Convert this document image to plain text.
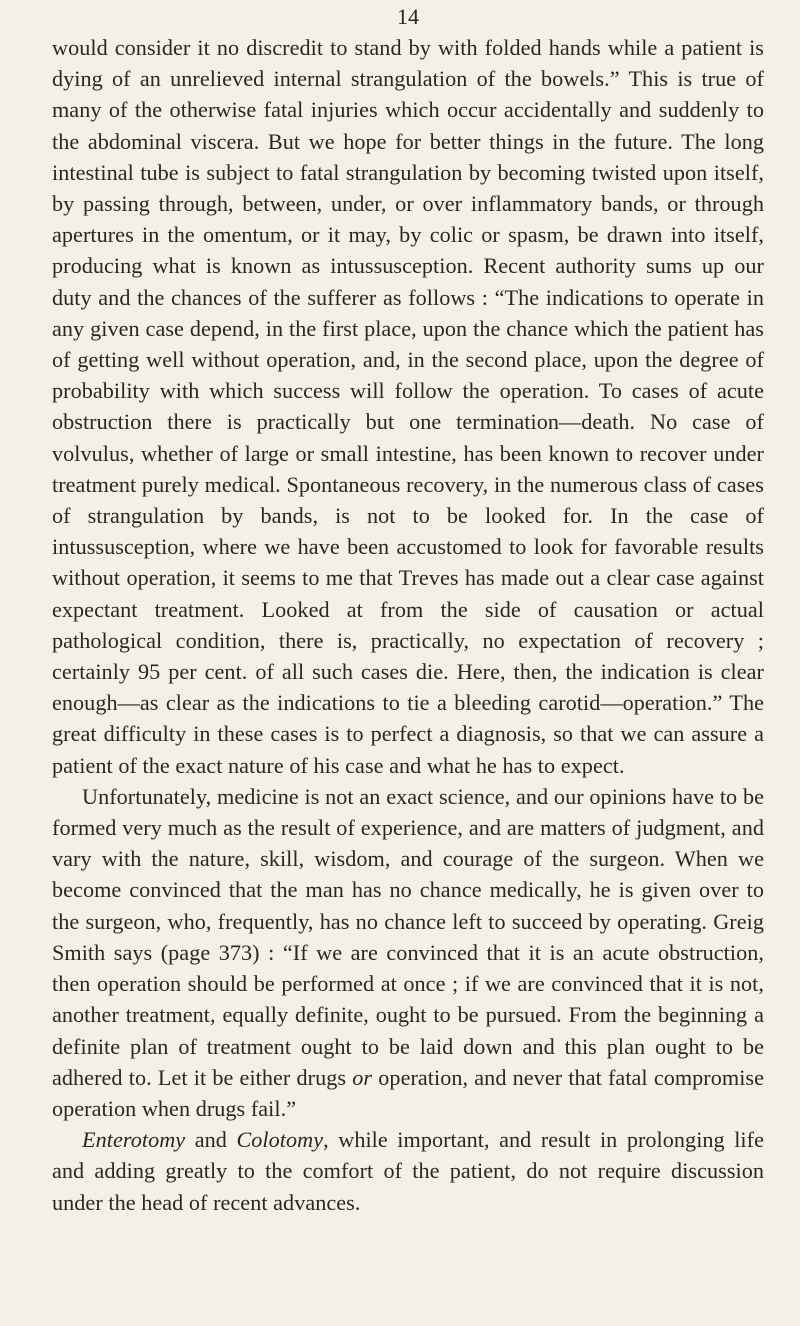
14

would consider it no discredit to stand by with folded hands while a patient is dying of an unrelieved internal strangulation of the bowels.” This is true of many of the otherwise fatal injuries which occur accidentally and suddenly to the abdominal viscera. But we hope for better things in the future. The long intestinal tube is subject to fatal strangulation by becoming twisted upon itself, by passing through, between, under, or over inflammatory bands, or through apertures in the omentum, or it may, by colic or spasm, be drawn into itself, producing what is known as intussusception. Recent authority sums up our duty and the chances of the sufferer as follows : “The indications to operate in any given case depend, in the first place, upon the chance which the patient has of getting well without operation, and, in the second place, upon the degree of probability with which success will follow the operation. To cases of acute obstruction there is practically but one termination—death. No case of volvulus, whether of large or small intestine, has been known to recover under treatment purely medical. Spontaneous recovery, in the numerous class of cases of strangulation by bands, is not to be looked for. In the case of intussusception, where we have been accustomed to look for favorable results without operation, it seems to me that Treves has made out a clear case against expectant treatment. Looked at from the side of causation or actual pathological condition, there is, practically, no expectation of recovery ; certainly 95 per cent. of all such cases die. Here, then, the indication is clear enough—as clear as the indications to tie a bleeding carotid—operation.” The great difficulty in these cases is to perfect a diagnosis, so that we can assure a patient of the exact nature of his case and what he has to expect.

Unfortunately, medicine is not an exact science, and our opinions have to be formed very much as the result of experience, and are matters of judgment, and vary with the nature, skill, wisdom, and courage of the surgeon. When we become convinced that the man has no chance medically, he is given over to the surgeon, who, frequently, has no chance left to succeed by operating. Greig Smith says (page 373) : “If we are convinced that it is an acute obstruction, then operation should be performed at once ; if we are convinced that it is not, another treatment, equally definite, ought to be pursued. From the beginning a definite plan of treatment ought to be laid down and this plan ought to be adhered to. Let it be either drugs or operation, and never that fatal compromise operation when drugs fail.”

Enterotomy and Colotomy, while important, and result in prolonging life and adding greatly to the comfort of the patient, do not require discussion under the head of recent advances.
